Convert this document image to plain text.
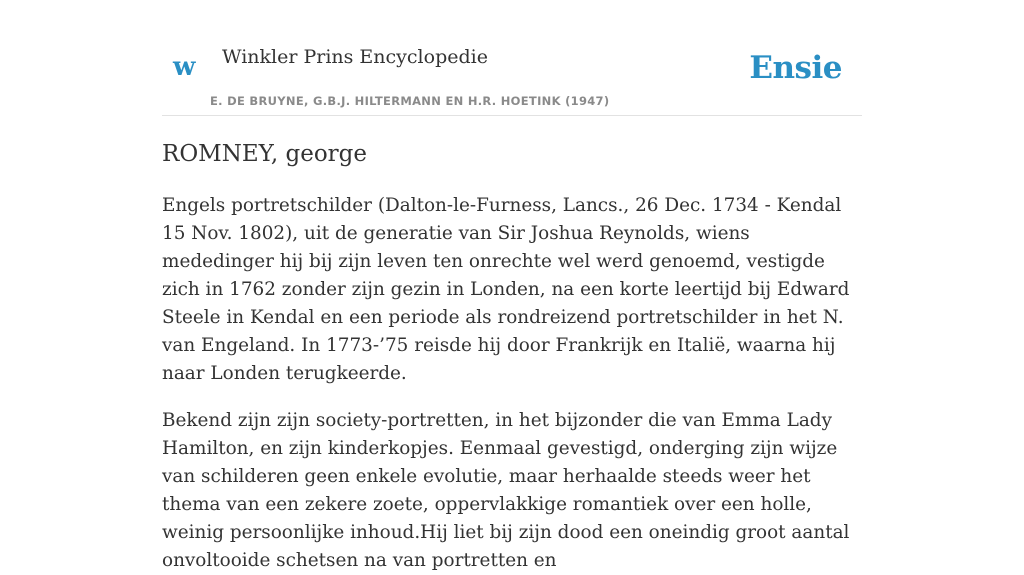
w Winkler Prins Encyclopedie
E. DE BRUYNE, G.B.J. HILTERMANN EN H.R. HOETINK (1947)
Ensie
ROMNEY, george

Engels portretschilder (Dalton-le-Furness, Lancs., 26 Dec. 1734 - Kendal 15 Nov. 1802), uit de generatie van Sir Joshua Reynolds, wiens mededinger hij bij zijn leven ten onrechte wel werd genoemd, vestigde zich in 1762 zonder zijn gezin in Londen, na een korte leertijd bij Edward Steele in Kendal en een periode als rondreizend portretschilder in het N. van Engeland. In 1773-’75 reisde hij door Frankrijk en Italië, waarna hij naar Londen terugkeerde.

Bekend zijn zijn society-portretten, in het bijzonder die van Emma Lady Hamilton, en zijn kinderkopjes. Eenmaal gevestigd, onderging zijn wijze van schilderen geen enkele evolutie, maar herhaalde steeds weer het thema van een zekere zoete, oppervlakkige romantiek over een holle, weinig persoonlijke inhoud.Hij liet bij zijn dood een oneindig groot aantal onvoltooide schetsen na van portretten en
